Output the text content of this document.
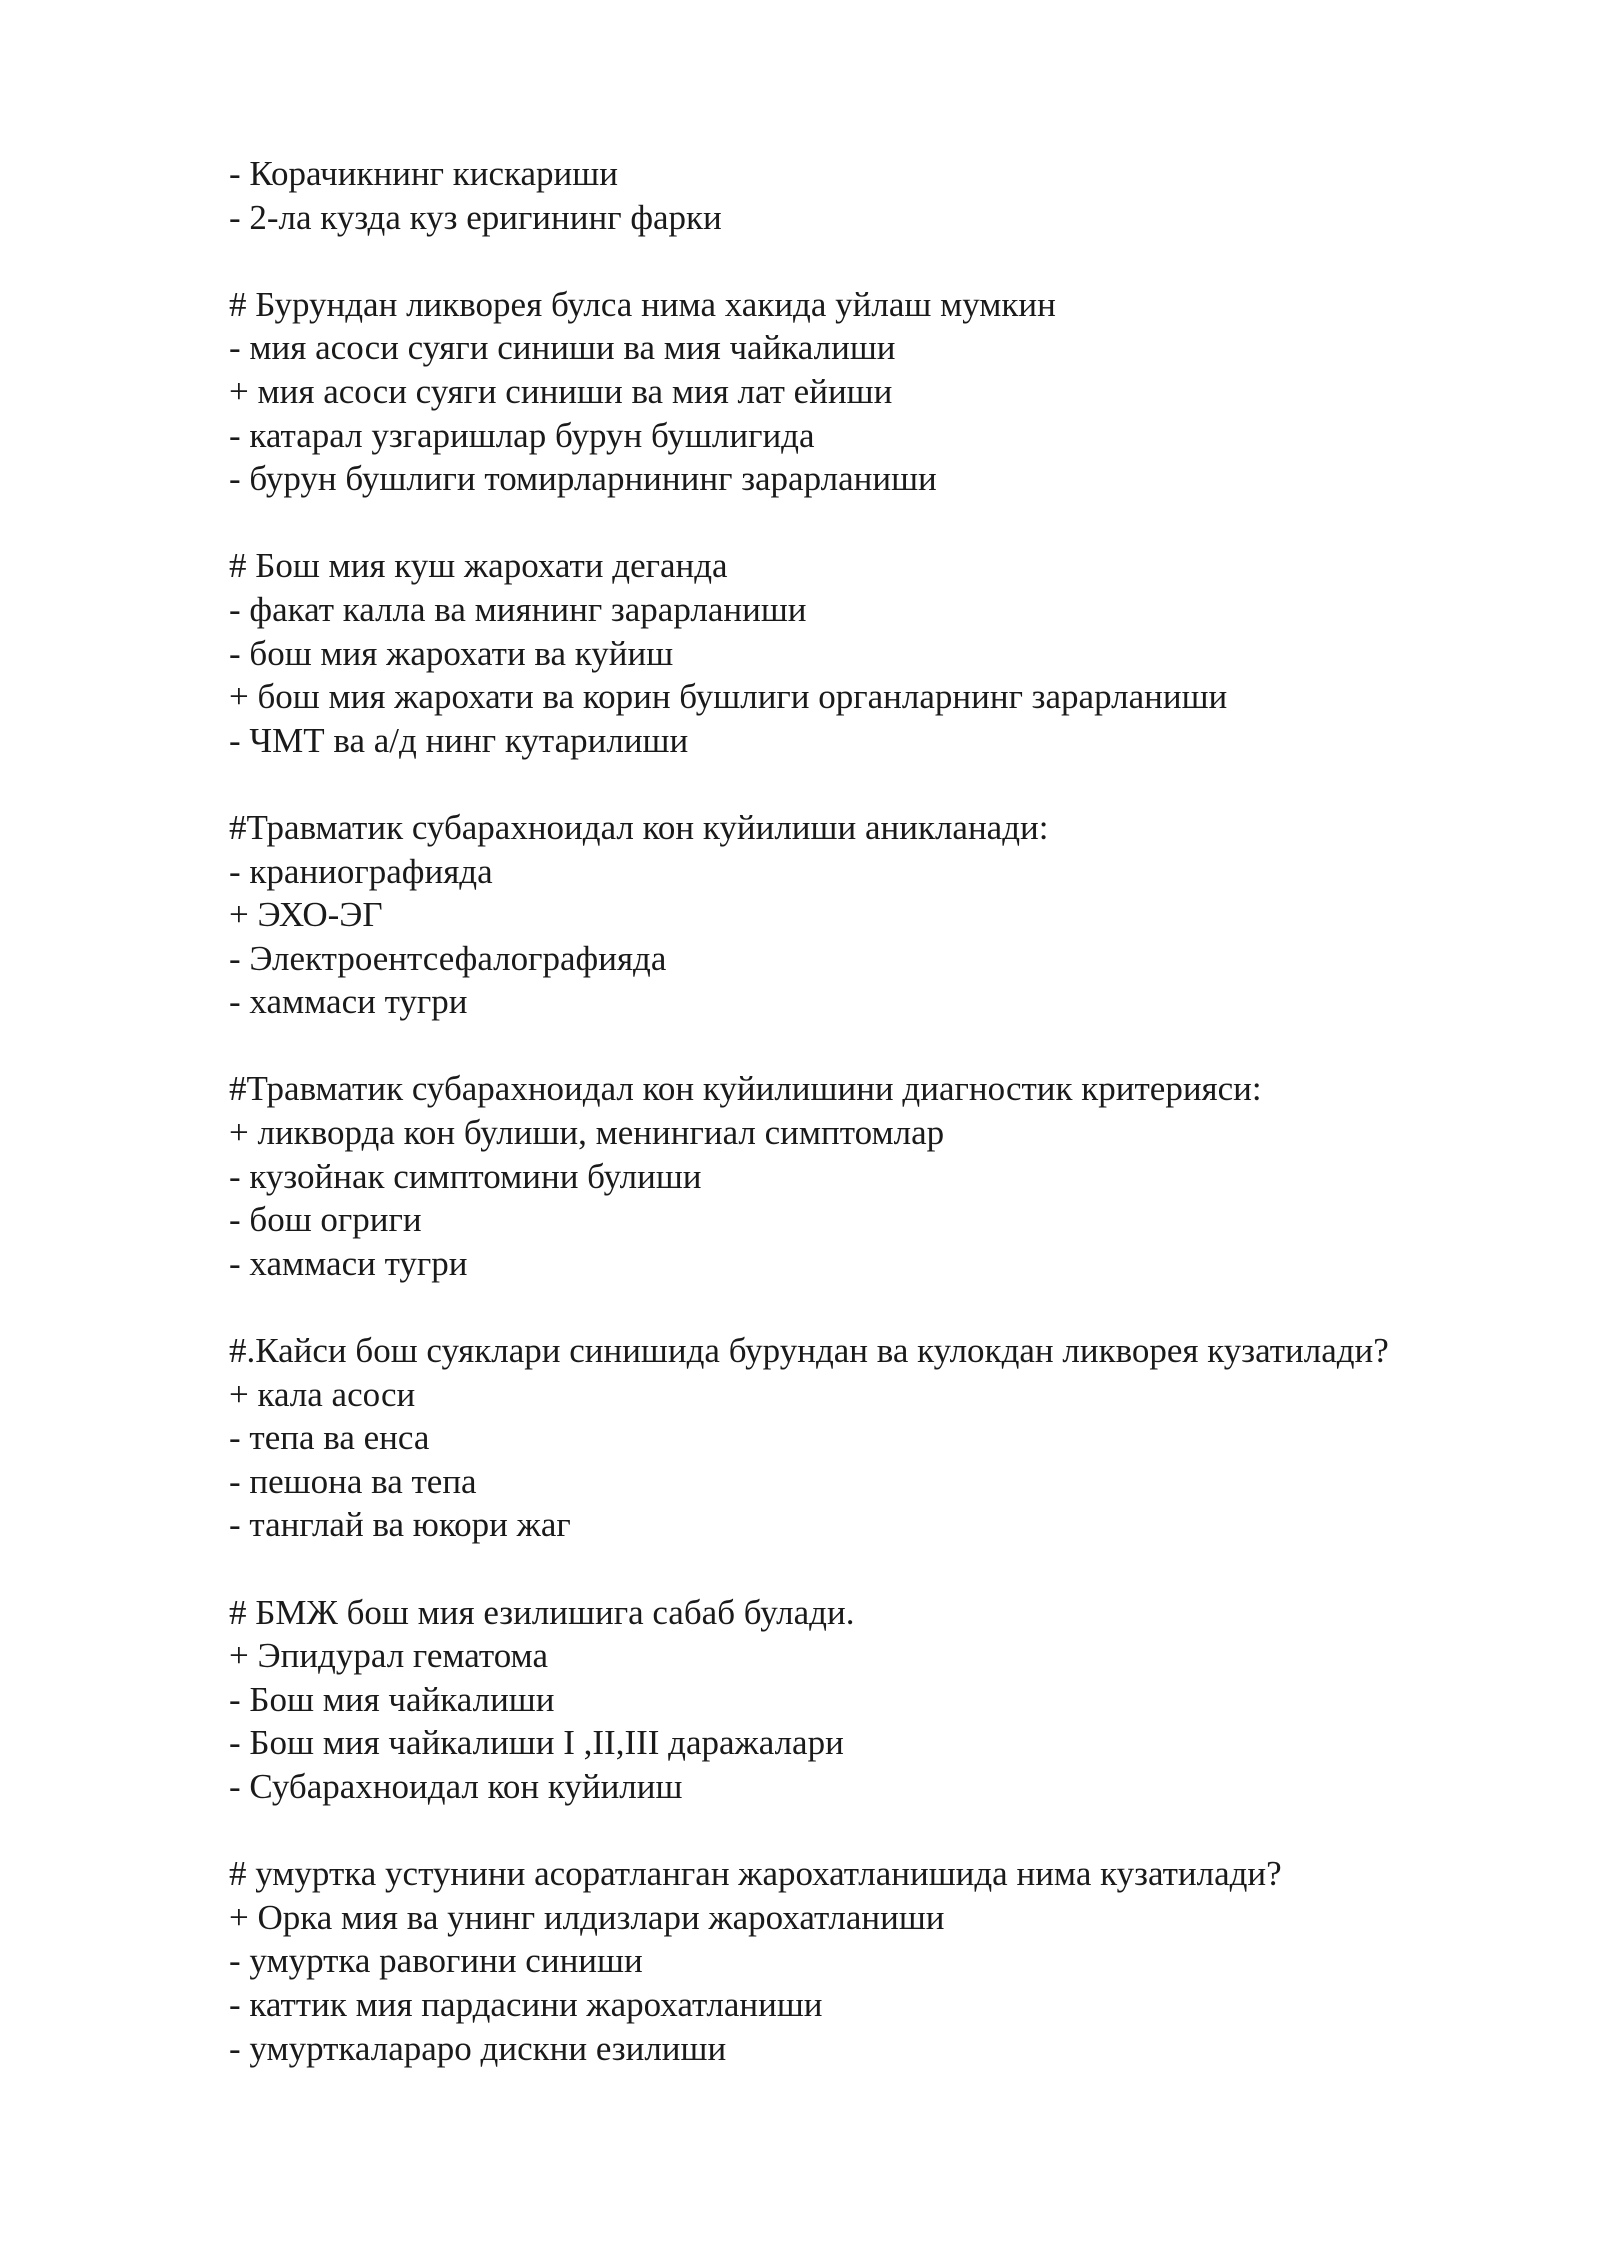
- Корачикнинг кискариши
- 2-ла кузда куз еригининг фарки
# Бурундан ликворея булса нима хакида уйлаш мумкин
- мия асоси суяги синиши ва мия чайкалиши
+ мия асоси суяги синиши ва мия лат ейиши
- катарал узгаришлар бурун бушлигида
- бурун бушлиги томирларнининг зарарланиши
# Бош мия куш жарохати деганда
- факат калла ва миянинг зарарланиши
- бош мия жарохати ва куйиш
+ бош мия жарохати ва корин бушлиги органларнинг зарарланиши
- ЧМТ ва а/д нинг кутарилиши
#Травматик субарахноидал кон куйилиши аникланади:
- краниографияда
+ ЭХО-ЭГ
- Электроентсефалографияда
- хаммаси тугри
#Травматик субарахноидал кон куйилишини диагностик критерияси:
+ ликворда кон булиши, менингиал симптомлар
- кузойнак симптомини булиши
- бош огриги
- хаммаси тугри
#.Кайси бош суяклари синишида бурундан ва кулокдан ликворея кузатилади?
+ кала асоси
- тепа ва енса
- пешона ва тепа
- танглай ва юкори жаг
# БМЖ бош мия езилишига сабаб булади.
+ Эпидурал гематома
- Бош мия чайкалиши
- Бош мия чайкалиши I ,II,III даражалари
- Субарахноидал кон куйилиш
# умуртка устунини асоратланган жарохатланишида нима кузатилади?
+ Орка мия ва унинг илдизлари жарохатланиши
- умуртка равогини синиши
- каттик мия пардасини жарохатланиши
- умурткалараро дискни езилиши
